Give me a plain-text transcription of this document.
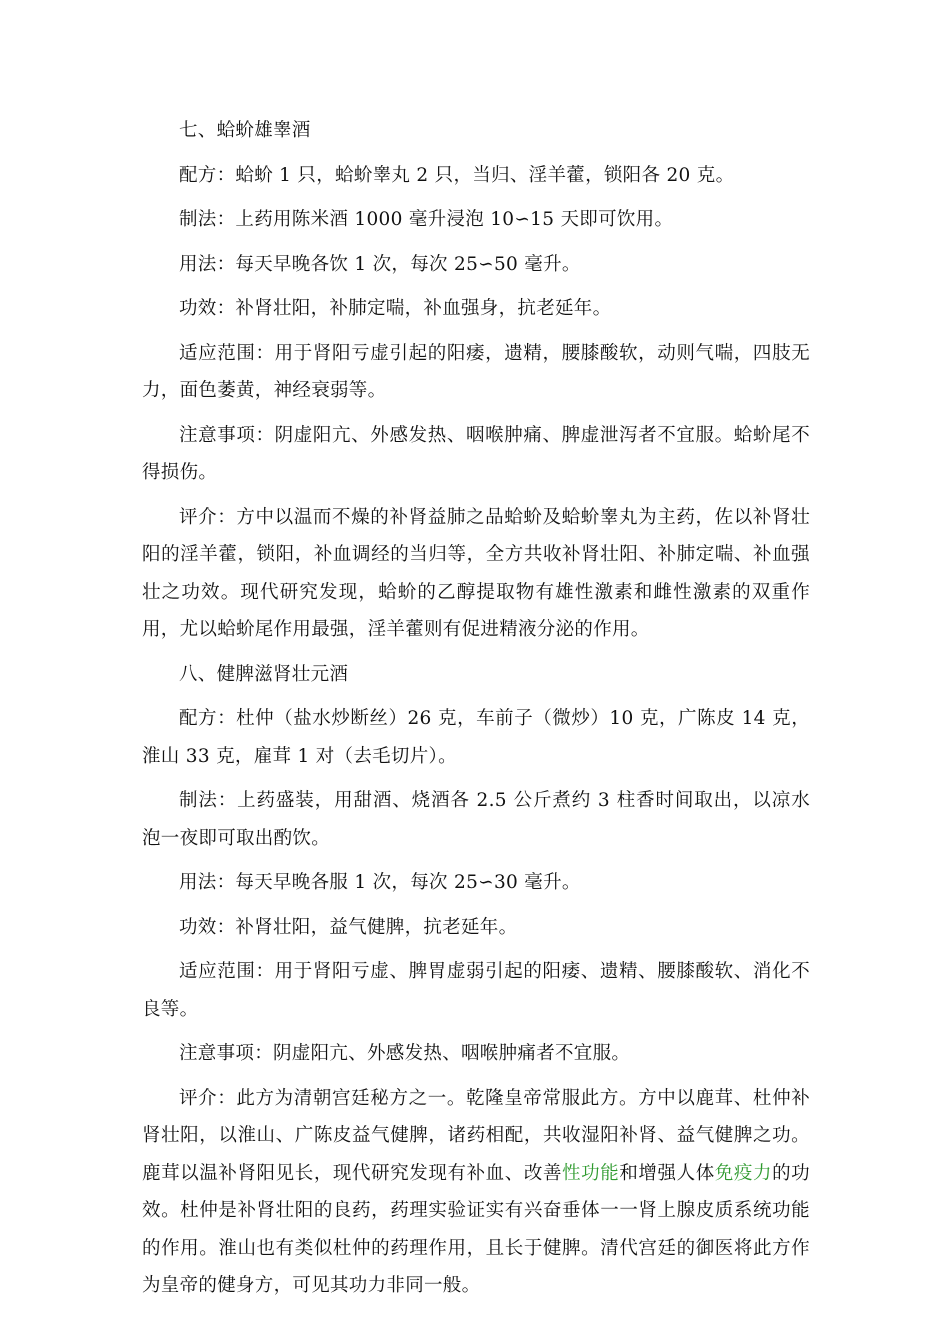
七、蛤蚧雄睾酒

配方：蛤蚧 1 只，蛤蚧睾丸 2 只，当归、淫羊藿，锁阳各 20 克。

制法：上药用陈米酒 1000 毫升浸泡 10∽15 天即可饮用。

用法：每天早晚各饮 1 次，每次 25∽50 毫升。

功效：补肾壮阳，补肺定喘，补血强身，抗老延年。

适应范围：用于肾阳亏虚引起的阳痿，遗精，腰膝酸软，动则气喘，四肢无力，面色萎黄，神经衰弱等。

注意事项：阴虚阳亢、外感发热、咽喉肿痛、脾虚泄泻者不宜服。蛤蚧尾不得损伤。

评介：方中以温而不燥的补肾益肺之品蛤蚧及蛤蚧睾丸为主药，佐以补肾壮阳的淫羊藿，锁阳，补血调经的当归等，全方共收补肾壮阳、补肺定喘、补血强壮之功效。现代研究发现，蛤蚧的乙醇提取物有雄性激素和雌性激素的双重作用，尤以蛤蚧尾作用最强，淫羊藿则有促进精液分泌的作用。

八、健脾滋肾壮元酒

配方：杜仲（盐水炒断丝）26 克，车前子（微炒）10 克，广陈皮 14 克，淮山 33 克，雇茸 1 对（去毛切片）。

制法：上药盛装，用甜酒、烧酒各 2.5 公斤煮约 3 柱香时间取出，以凉水泡一夜即可取出酌饮。

用法：每天早晚各服 1 次，每次 25∽30 毫升。

功效：补肾壮阳，益气健脾，抗老延年。

适应范围：用于肾阳亏虚、脾胃虚弱引起的阳痿、遗精、腰膝酸软、消化不良等。

注意事项：阴虚阳亢、外感发热、咽喉肿痛者不宜服。

评介：此方为清朝宫廷秘方之一。乾隆皇帝常服此方。方中以鹿茸、杜仲补肾壮阳，以淮山、广陈皮益气健脾，诸药相配，共收湿阳补肾、益气健脾之功。鹿茸以温补肾阳见长，现代研究发现有补血、改善性功能和增强人体免疫力的功效。杜仲是补肾壮阳的良药，药理实验证实有兴奋垂体一一肾上腺皮质系统功能的作用。淮山也有类似杜仲的药理作用，且长于健脾。清代宫廷的御医将此方作为皇帝的健身方，可见其功力非同一般。
